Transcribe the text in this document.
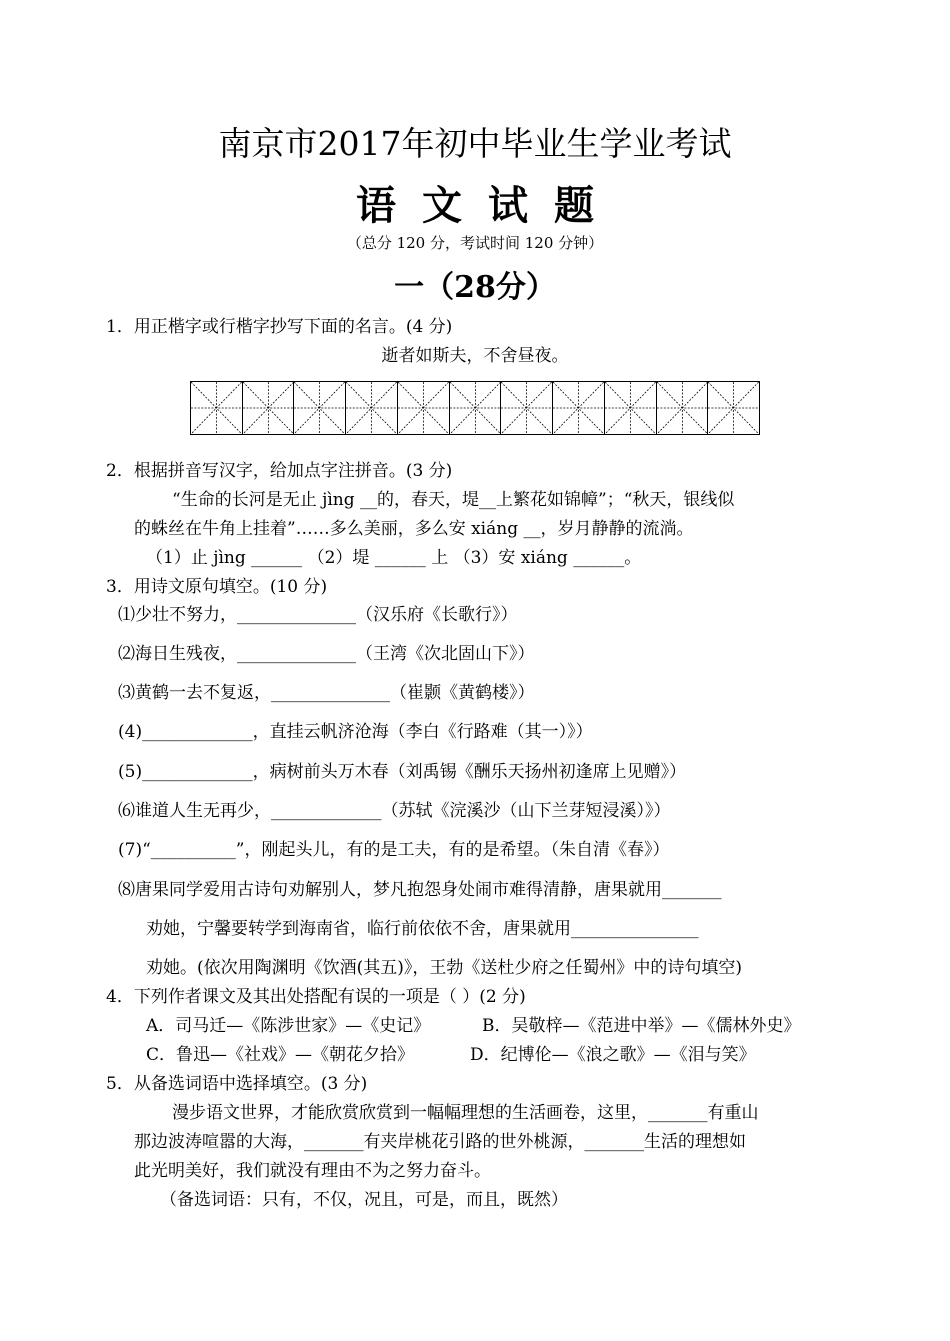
南京市2017年初中毕业生学业考试
语文试题
（总分 120 分，考试时间 120 分钟）
一（28分）
1．用正楷字或行楷字抄写下面的名言。(4 分)
逝者如斯夫，不舍昼夜。
2．根据拼音写汉字，给加点字注拼音。(3 分)
“生命的长河是无止 jìng __的，春天，堤__上繁花如锦幛”；“秋天，银线似
的蛛丝在牛角上挂着”……多么美丽，多么安 xiáng __，岁月静静的流淌。
（1）止 jìng ______ （2）堤 ______ 上 （3）安 xiáng ______。
3．用诗文原句填空。(10 分)
⑴少壮不努力，______________（汉乐府《长歌行》）
⑵海日生残夜，______________（王湾《次北固山下》）
⑶黄鹤一去不复返，______________（崔颢《黄鹤楼》）
(4)_____________，直挂云帆济沧海（李白《行路难（其一）》）
(5)_____________，病树前头万木春（刘禹锡《酬乐天扬州初逢席上见赠》）
⑹谁道人生无再少，_____________（苏轼《浣溪沙（山下兰芽短浸溪）》）
(7)“__________”，刚起头儿，有的是工夫，有的是希望。（朱自清《春》）
⑻唐果同学爱用古诗句劝解别人，梦凡抱怨身处闹市难得清静，唐果就用_______
劝她，宁馨要转学到海南省，临行前依依不舍，唐果就用_______________
劝她。(依次用陶渊明《饮酒(其五)》，王勃《送杜少府之任蜀州》中的诗句填空)
4．下列作者课文及其出处搭配有误的一项是（ ）(2 分)
A．司马迁—《陈涉世家》—《史记》	B．吴敬梓—《范进中举》—《儒林外史》
C．鲁迅—《社戏》—《朝花夕拾》	D．纪博伦—《浪之歌》—《泪与笑》
5．从备选词语中选择填空。(3 分)
漫步语文世界，才能欣赏欣赏到一幅幅理想的生活画卷，这里，_______有重山
那边波涛喧嚣的大海，_______有夹岸桃花引路的世外桃源，_______生活的理想如
此光明美好，我们就没有理由不为之努力奋斗。
（备选词语：只有，不仅，况且，可是，而且，既然）
